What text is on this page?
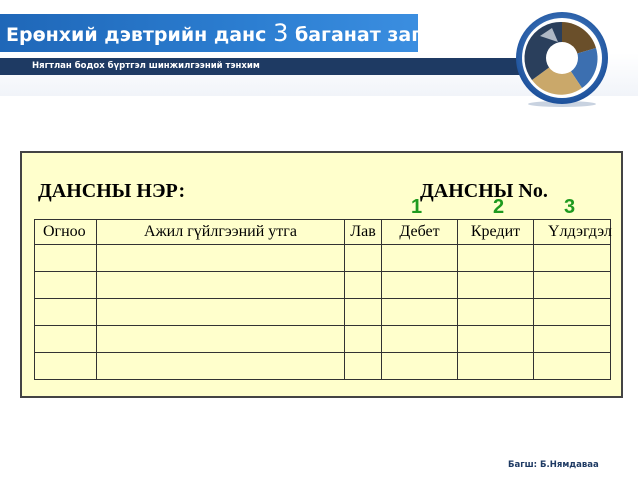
Ерөнхий дэвтрийн данс 3 баганат загвар
Нягтлан бодох бүртгэл шинжилгээний тэнхим
ДАНСНЫ НЭР:	ДАНСНЫ No.
1	2	3
Огноо	Ажил гүйлгээний утга	Лав	Дебет	Кредит	Үлдэгдэл

Багш: Б.Нямдаваа
